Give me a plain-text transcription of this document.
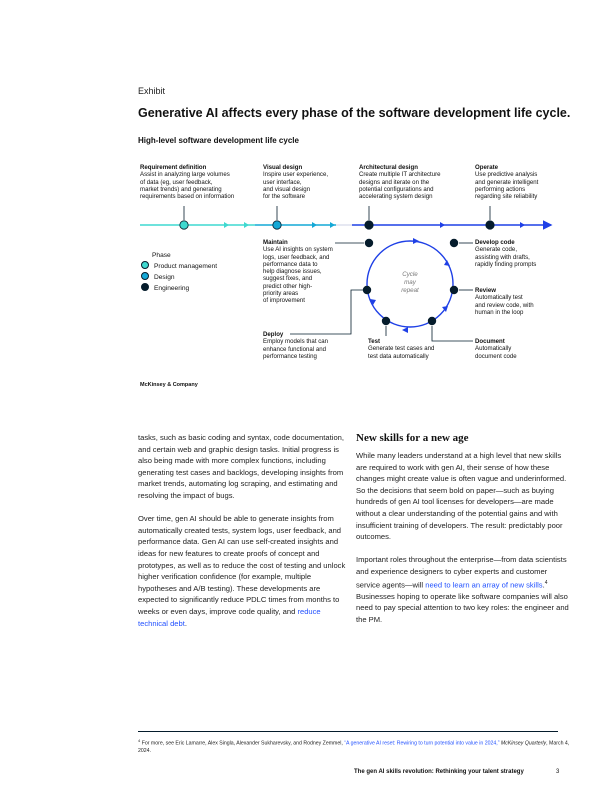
Exhibit
Generative AI affects every phase of the software development life cycle.
High-level software development life cycle
Requirement definition
Assist in analyzing large volumes
of data (eg, user feedback,
market trends) and generating
requirements based on information
Visual design
Inspire user experience,
user interface,
and visual design
for the software
Architectural design
Create multiple IT architecture
designs and iterate on the
potential configurations and
accelerating system design
Operate
Use predictive analysis
and generate intelligent
performing actions
regarding site reliability
Maintain
Use AI insights on system
logs, user feedback, and
performance data to
help diagnose issues,
suggest fixes, and
predict other high-
priority areas
of improvement
Deploy
Employ models that can
enhance functional and
performance testing
Test
Generate test cases and
test data automatically
Develop code
Generate code,
assisting with drafts,
rapidly finding prompts
Review
Automatically test
and review code, with
human in the loop
Document
Automatically
document code
Cycle
may
repeat
Phase
Product management
Design
Engineering
McKinsey & Company

tasks, such as basic coding and syntax, code documentation, and certain web and graphic design tasks. Initial progress is also being made with more complex functions, including generating test cases and backlogs, developing insights from market trends, automating log scraping, and estimating and resolving the impact of bugs.

Over time, gen AI should be able to generate insights from automatically created tests, system logs, user feedback, and performance data. Gen AI can use self-created insights and ideas for new features to create proofs of concept and prototypes, as well as to reduce the cost of testing and unlock higher verification confidence (for example, multiple hypotheses and A/B testing). These developments are expected to significantly reduce PDLC times from months to weeks or even days, improve code quality, and reduce technical debt.

New skills for a new age

While many leaders understand at a high level that new skills are required to work with gen AI, their sense of how these changes might create value is often vague and underinformed. So the decisions that seem bold on paper—such as buying hundreds of gen AI tool licenses for developers—are made without a clear understanding of the potential gains and with insufficient training of developers. The result: predictably poor outcomes.

Important roles throughout the enterprise—from data scientists and experience designers to cyber experts and customer service agents—will need to learn an array of new skills.$^4$ Businesses hoping to operate like software companies will also need to pay special attention to two key roles: the engineer and the PM.

$^4$ For more, see Eric Lamarre, Alex Singla, Alexander Sukharevsky, and Rodney Zemmel, “A generative AI reset: Rewiring to turn potential into value in 2024,” McKinsey Quarterly, March 4, 2024.
The gen AI skills revolution: Rethinking your talent strategy	3
